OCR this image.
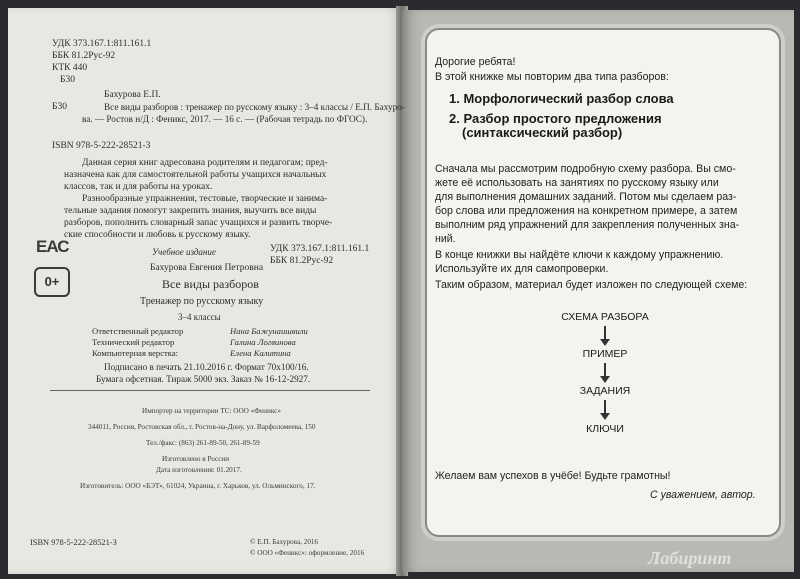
УДК 373.167.1:811.161.1
ББК 81.2Рус-92
КТК 440
Б30
Бахурова Е.П.
Б30	Все виды разборов : тренажер по русскому языку : 3–4 классы / Е.П. Бахуро-
ва. — Ростов н/Д : Феникс, 2017. — 16 с. — (Рабочая тетрадь по ФГОС).
ISBN 978-5-222-28521-3
Данная серия книг адресована родителям и педагогам; пред-
назначена как для самостоятельной работы учащихся начальных
классов, так и для работы на уроках.
Разнообразные упражнения, тестовые, творческие и занима-
тельные задания помогут закрепить знания, выучить все виды
разборов, пополнить словарный запас учащихся и развить творче-
ские способности и любовь к русскому языку.
УДК 373.167.1:811.161.1
ББК 81.2Рус-92
ЕАС
0+
Учебное издание
Бахурова Евгения Петровна
Все виды разборов
Тренажер по русскому языку
3–4 классы
Ответственный редактор	Нана Бажунаишвили
Технический редактор	Галина Логвинова
Компьютерная верстка:	Елена Калитина
Подписано в печать 21.10.2016 г. Формат 70x100/16.
Бумага офсетная. Тираж 5000 экз. Заказ № 16-12-2927.
Импортер на территории ТС: ООО «Феникс»
344011, Россия, Ростовская обл., г. Ростов-на-Дону, ул. Варфоломеева, 150
Тел./факс: (863) 261-89-50, 261-89-59
Изготовлено в России
Дата изготовления: 01.2017.
Изготовитель: ООО «БЭТ», 61024, Украина, г. Харьков, ул. Ольминского, 17.
ISBN 978-5-222-28521-3	© Е.П. Бахурова, 2016
© ООО «Феникс»: оформление, 2016
Дорогие ребята!
В этой книжке мы повторим два типа разборов:
1. Морфологический разбор слова
2. Разбор простого предложения
(синтаксический разбор)
Сначала мы рассмотрим подробную схему разбора. Вы смо-
жете её использовать на занятиях по русскому языку или
для выполнения домашних заданий. Потом мы сделаем раз-
бор слова или предложения на конкретном примере, а затем
выполним ряд упражнений для закрепления полученных зна-
ний.
В конце книжки вы найдёте ключи к каждому упражнению.
Используйте их для самопроверки.
Таким образом, материал будет изложен по следующей схеме:
СХЕМА РАЗБОРА
ПРИМЕР
ЗАДАНИЯ
КЛЮЧИ
Желаем вам успехов в учёбе! Будьте грамотны!
С уважением, автор.
Лабиринт
